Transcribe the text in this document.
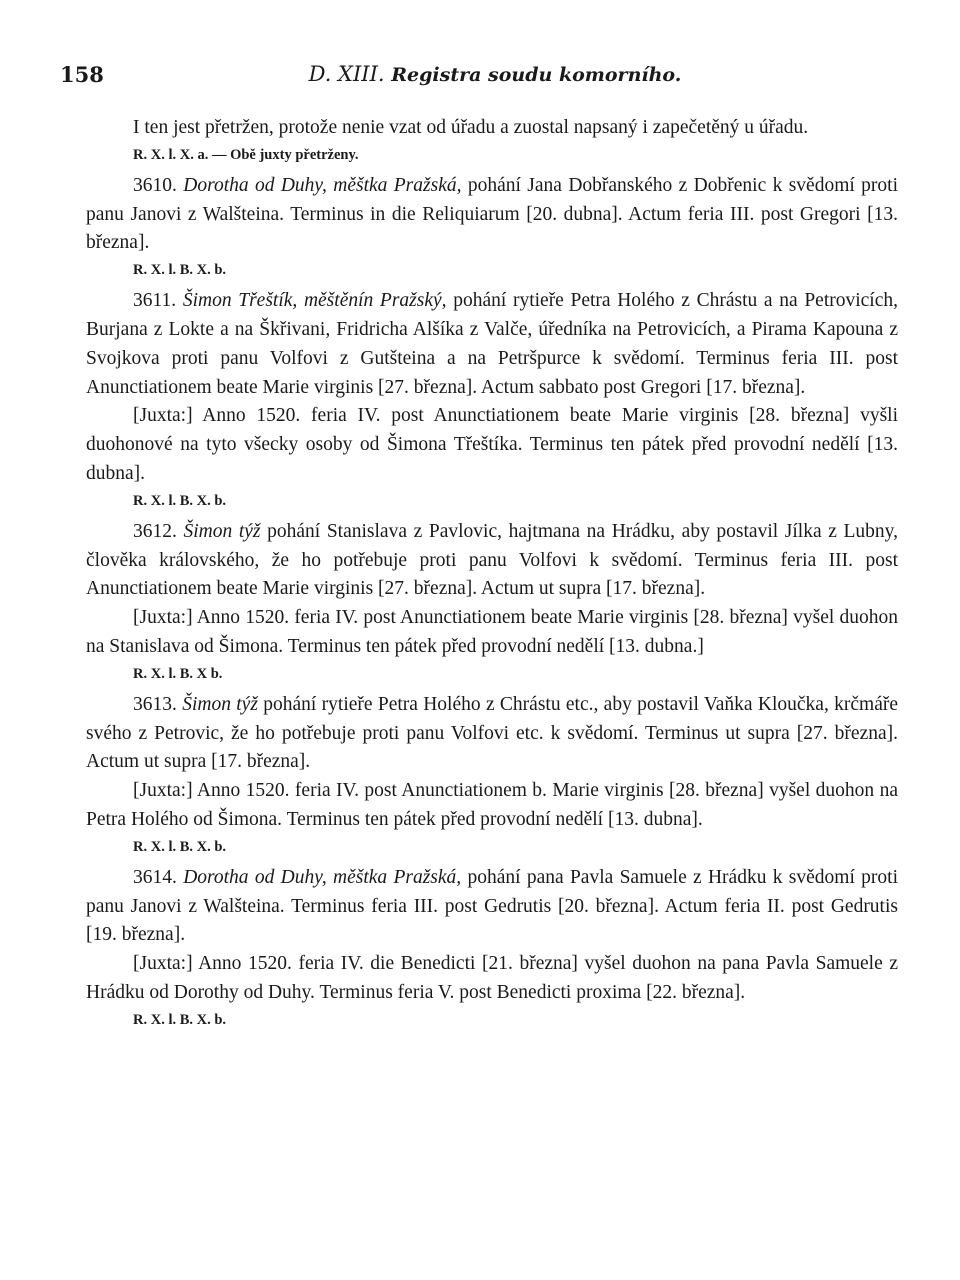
158	D. XIII. Registra soudu komorního.

I ten jest přetržen, protože nenie vzat od úřadu a zuostal napsaný i zapečetěný u úřadu.

R. X. l. X. a. — Obě juxty přetrženy.

3610. Dorotha od Duhy, měštka Pražská, pohání Jana Dobřanského z Dobřenic k svědomí proti panu Janovi z Walšteina. Terminus in die Reliquiarum [20. dubna]. Actum feria III. post Gregori [13. března].

R. X. l. B. X. b.

3611. Šimon Třeštík, měštěnín Pražský, pohání rytieře Petra Holého z Chrástu a na Petrovicích, Burjana z Lokte a na Škřivani, Fridricha Alšíka z Valče, úředníka na Petrovicích, a Pirama Kapouna z Svojkova proti panu Volfovi z Gutšteina a na Petršpurce k svědomí. Terminus feria III. post Anunctiationem beate Marie virginis [27. března]. Actum sabbato post Gregori [17. března].

[Juxta:] Anno 1520. feria IV. post Anunctiationem beate Marie virginis [28. března] vyšli duohonové na tyto všecky osoby od Šimona Třeštíka. Terminus ten pátek před provodní nedělí [13. dubna].

R. X. l. B. X. b.

3612. Šimon týž pohání Stanislava z Pavlovic, hajtmana na Hrádku, aby postavil Jílka z Lubny, člověka královského, že ho potřebuje proti panu Volfovi k svědomí. Terminus feria III. post Anunctiationem beate Marie virginis [27. března]. Actum ut supra [17. března].

[Juxta:] Anno 1520. feria IV. post Anunctiationem beate Marie virginis [28. března] vyšel duohon na Stanislava od Šimona. Terminus ten pátek před provodní nedělí [13. dubna.]

R. X. l. B. X b.

3613. Šimon týž pohání rytieře Petra Holého z Chrástu etc., aby postavil Vaňka Kloučka, krčmáře svého z Petrovic, že ho potřebuje proti panu Volfovi etc. k svědomí. Terminus ut supra [27. března]. Actum ut supra [17. března].

[Juxta:] Anno 1520. feria IV. post Anunctiationem b. Marie virginis [28. března] vyšel duohon na Petra Holého od Šimona. Terminus ten pátek před provodní nedělí [13. dubna].

R. X. l. B. X. b.

3614. Dorotha od Duhy, měštka Pražská, pohání pana Pavla Samuele z Hrádku k svědomí proti panu Janovi z Walšteina. Terminus feria III. post Gedrutis [20. března]. Actum feria II. post Gedrutis [19. března].

[Juxta:] Anno 1520. feria IV. die Benedicti [21. března] vyšel duohon na pana Pavla Samuele z Hrádku od Dorothy od Duhy. Terminus feria V. post Benedicti proxima [22. března].

R. X. l. B. X. b.
